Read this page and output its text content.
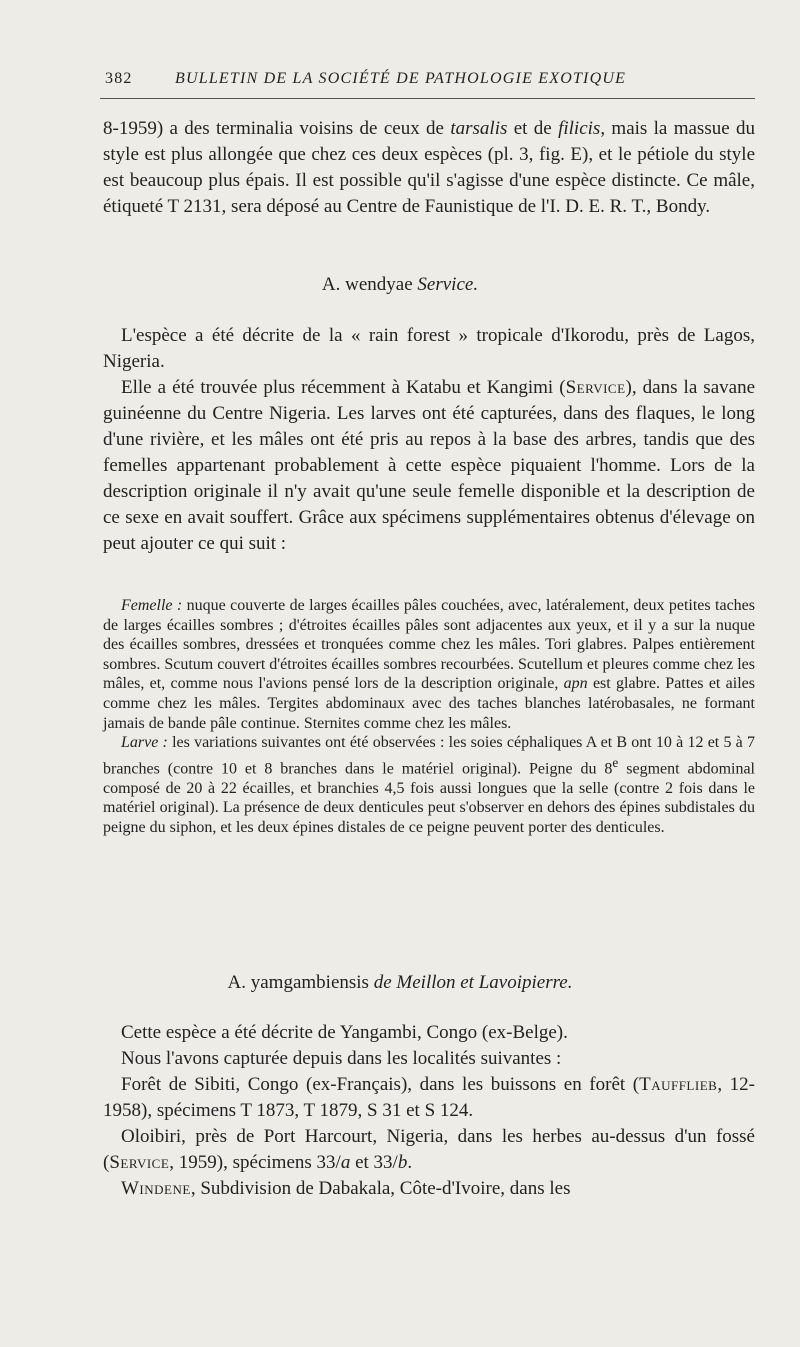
382	BULLETIN DE LA SOCIÉTÉ DE PATHOLOGIE EXOTIQUE

8-1959) a des terminalia voisins de ceux de tarsalis et de filicis, mais la massue du style est plus allongée que chez ces deux espèces (pl. 3, fig. E), et le pétiole du style est beaucoup plus épais. Il est possible qu'il s'agisse d'une espèce distincte. Ce mâle, étiqueté T 2131, sera déposé au Centre de Faunistique de l'I. D. E. R. T., Bondy.

A. wendyae Service.

L'espèce a été décrite de la « rain forest » tropicale d'Ikorodu, près de Lagos, Nigeria.

Elle a été trouvée plus récemment à Katabu et Kangimi (Service), dans la savane guinéenne du Centre Nigeria. Les larves ont été capturées, dans des flaques, le long d'une rivière, et les mâles ont été pris au repos à la base des arbres, tandis que des femelles appartenant probablement à cette espèce piquaient l'homme. Lors de la description originale il n'y avait qu'une seule femelle disponible et la description de ce sexe en avait souffert. Grâce aux spécimens supplémentaires obtenus d'élevage on peut ajouter ce qui suit :

Femelle : nuque couverte de larges écailles pâles couchées, avec, latéralement, deux petites taches de larges écailles sombres ; d'étroites écailles pâles sont adjacentes aux yeux, et il y a sur la nuque des écailles sombres, dressées et tronquées comme chez les mâles. Tori glabres. Palpes entièrement sombres. Scutum couvert d'étroites écailles sombres recourbées. Scutellum et pleures comme chez les mâles, et, comme nous l'avions pensé lors de la description originale, apn est glabre. Pattes et ailes comme chez les mâles. Tergites abdominaux avec des taches blanches latérobasales, ne formant jamais de bande pâle continue. Sternites comme chez les mâles.

Larve : les variations suivantes ont été observées : les soies céphaliques A et B ont 10 à 12 et 5 à 7 branches (contre 10 et 8 branches dans le matériel original). Peigne du 8e segment abdominal composé de 20 à 22 écailles, et branchies 4,5 fois aussi longues que la selle (contre 2 fois dans le matériel original). La présence de deux denticules peut s'observer en dehors des épines subdistales du peigne du siphon, et les deux épines distales de ce peigne peuvent porter des denticules.

A. yamgambiensis de Meillon et Lavoipierre.

Cette espèce a été décrite de Yangambi, Congo (ex-Belge).

Nous l'avons capturée depuis dans les localités suivantes :

Forêt de Sibiti, Congo (ex-Français), dans les buissons en forêt (Taufflieb, 12-1958), spécimens T 1873, T 1879, S 31 et S 124.

Oloibiri, près de Port Harcourt, Nigeria, dans les herbes au-dessus d'un fossé (Service, 1959), spécimens 33/a et 33/b.

Windene, Subdivision de Dabakala, Côte-d'Ivoire, dans les
